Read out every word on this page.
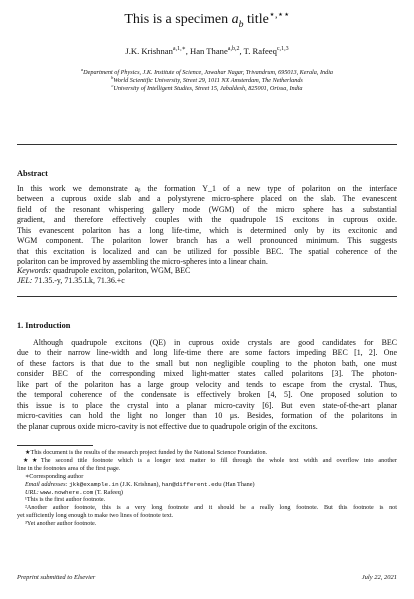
This is a specimen $a_b$ title⋆,⋆⋆
J.K. Krishnan$^{a,1,∗}$, Han Thane$^{a,b,2}$, T. Rafeeq$^{c,1,3}$
$^a$Department of Physics, J.K. Institute of Science, Jawahar Nagar, Trivandrum, 695013, Kerala, India
$^b$World Scientific University, Street 29, 1011 NX Amsterdam, The Netherlands
$^c$University of Intelligent Studies, Street 15, Jabaldesh, 825001, Orissa, India
Abstract
In this work we demonstrate aᵦ the formation Y_1 of a new type of polariton on the interface
between a cuprous oxide slab and a polystyrene micro-sphere placed on the slab. The evanescent
field of the resonant whispering gallery mode (WGM) of the micro sphere has a substantial
gradient, and therefore effectively couples with the quadrupole 1S excitons in cuprous oxide.
This evanescent polariton has a long life-time, which is determined only by its excitonic and
WGM component. The polariton lower branch has a well pronounced minimum. This suggests
that this excitation is localized and can be utilized for possible BEC. The spatial coherence of the
polariton can be improved by assembling the micro-spheres into a linear chain.
Keywords: quadrupole exciton, polariton, WGM, BEC
JEL: 71.35.-y, 71.35.Lk, 71.36.+c
1. Introduction
Although quadrupole excitons (QE) in cuprous oxide crystals are good candidates for BEC
due to their narrow line-width and long life-time there are some factors impeding BEC [1, 2]. One
of these factors is that due to the small but non negligible coupling to the photon bath, one must
consider BEC of the corresponding mixed light-matter states called polaritons [3]. The photon-
like part of the polariton has a large group velocity and tends to escape from the crystal. Thus,
the temporal coherence of the condensate is effectively broken [4, 5]. One proposed solution to
this issue is to place the crystal into a planar micro-cavity [6]. But even state-of-the-art planar
micro-cavities can hold the light no longer than 10 μs. Besides, formation of the polaritons in
the planar cuprous oxide micro-cavity is not effective due to quadrupole origin of the excitons.
★This document is the results of the research project funded by the National Science Foundation.
★★The second title footnote which is a longer text matter to fill through the whole text width and overflow into another
line in the footnotes area of the first page.
∗Corresponding author
Email addresses: jkk@example.in (J.K. Krishnan), han@different.edu (Han Thane)
URL: www.nowhere.com (T. Rafeeq)
¹This is the first author footnote.
²Another author footnote, this is a very long footnote and it should be a really long footnote. But this footnote is not
yet sufficiently long enough to make two lines of footnote text.
³Yet another author footnote.
Preprint submitted to Elsevier	July 22, 2021
